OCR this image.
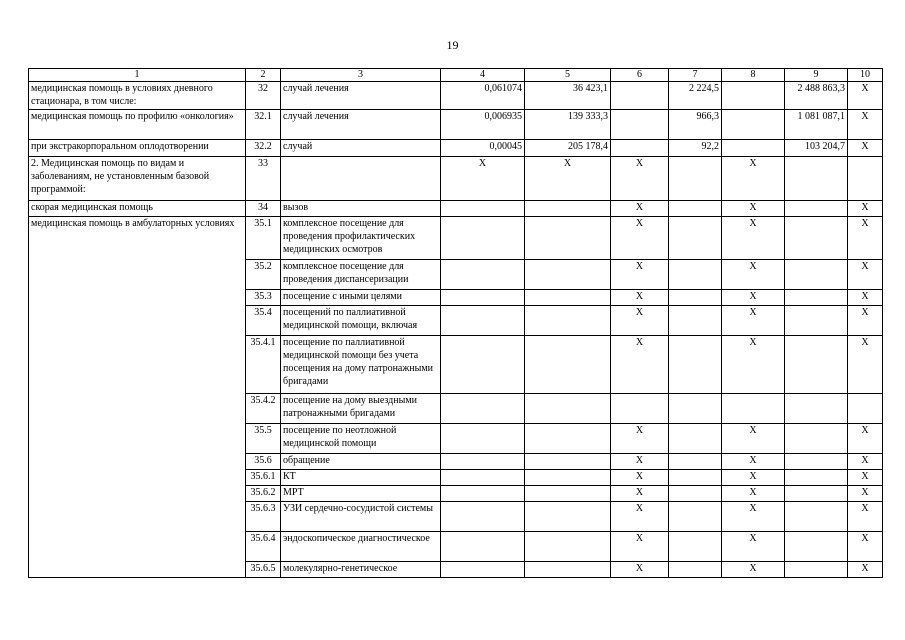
19
1	2	3	4	5	6	7	8	9	10
медицинская помощь в условиях дневного стационара, в том числе:	32	случай лечения	0,061074	36 423,1		2 224,5		2 488 863,3	X
медицинская помощь по профилю «онкология»	32.1	случай лечения	0,006935	139 333,3		966,3		1 081 087,1	X
при экстракорпоральном оплодотворении	32.2	случай	0,00045	205 178,4		92,2		103 204,7	X
2. Медицинская помощь по видам и заболеваниям, не установленным базовой программой:	33		X	X	X		X		
скорая медицинская помощь	34	вызов			X		X		X
медицинская помощь в амбулаторных условиях	35.1	комплексное посещение для проведения профилактических медицинских осмотров			X		X		X
	35.2	комплексное посещение для проведения диспансеризации			X		X		X
	35.3	посещение с иными целями			X		X		X
	35.4	посещений по паллиативной медицинской помощи, включая			X		X		X
	35.4.1	посещение по паллиативной медицинской помощи без учета посещения на дому патронажными бригадами			X		X		X
	35.4.2	посещение на дому выездными патронажными бригадами							
	35.5	посещение по неотложной медицинской помощи			X		X		X
	35.6	обращение			X		X		X
	35.6.1	КТ			X		X		X
	35.6.2	МРТ			X		X		X
	35.6.3	УЗИ сердечно-сосудистой системы			X		X		X
	35.6.4	эндоскопическое диагностическое			X		X		X
	35.6.5	молекулярно-генетическое			X		X		X
